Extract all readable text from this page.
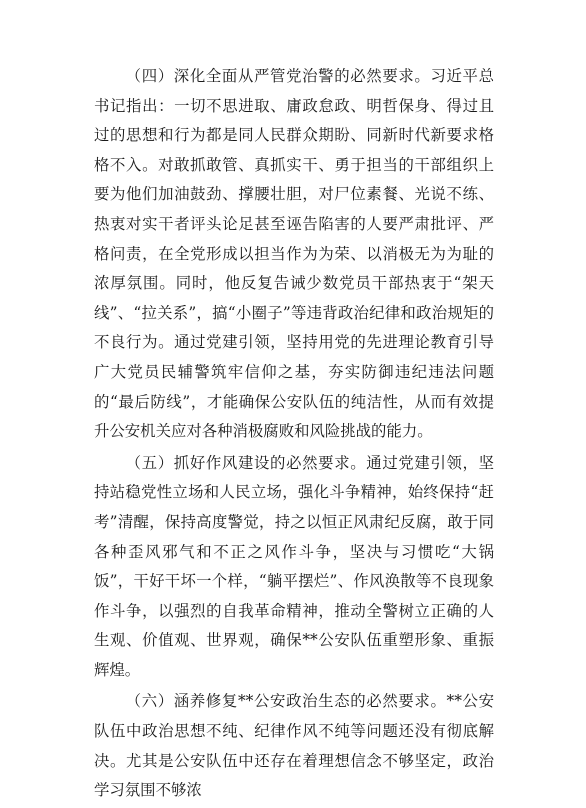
（四）深化全面从严管党治警的必然要求。习近平总书记指出：一切不思进取、庸政怠政、明哲保身、得过且过的思想和行为都是同人民群众期盼、同新时代新要求格格不入。对敢抓敢管、真抓实干、勇于担当的干部组织上要为他们加油鼓劲、撑腰壮胆，对尸位素餐、光说不练、热衷对实干者评头论足甚至诬告陷害的人要严肃批评、严格问责，在全党形成以担当作为为荣、以消极无为为耻的浓厚氛围。同时，他反复告诫少数党员干部热衷于“架天线”、“拉关系”，搞“小圈子”等违背政治纪律和政治规矩的不良行为。通过党建引领，坚持用党的先进理论教育引导广大党员民辅警筑牢信仰之基，夯实防御违纪违法问题的“最后防线”，才能确保公安队伍的纯洁性，从而有效提升公安机关应对各种消极腐败和风险挑战的能力。

（五）抓好作风建设的必然要求。通过党建引领，坚持站稳党性立场和人民立场，强化斗争精神，始终保持“赶考”清醒，保持高度警觉，持之以恒正风肃纪反腐，敢于同各种歪风邪气和不正之风作斗争，坚决与习惯吃“大锅饭”，干好干坏一个样，“躺平摆烂”、作风涣散等不良现象作斗争，以强烈的自我革命精神，推动全警树立正确的人生观、价值观、世界观，确保**公安队伍重塑形象、重振辉煌。

（六）涵养修复**公安政治生态的必然要求。**公安队伍中政治思想不纯、纪律作风不纯等问题还没有彻底解决。尤其是公安队伍中还存在着理想信念不够坚定，政治学习氛围不够浓
